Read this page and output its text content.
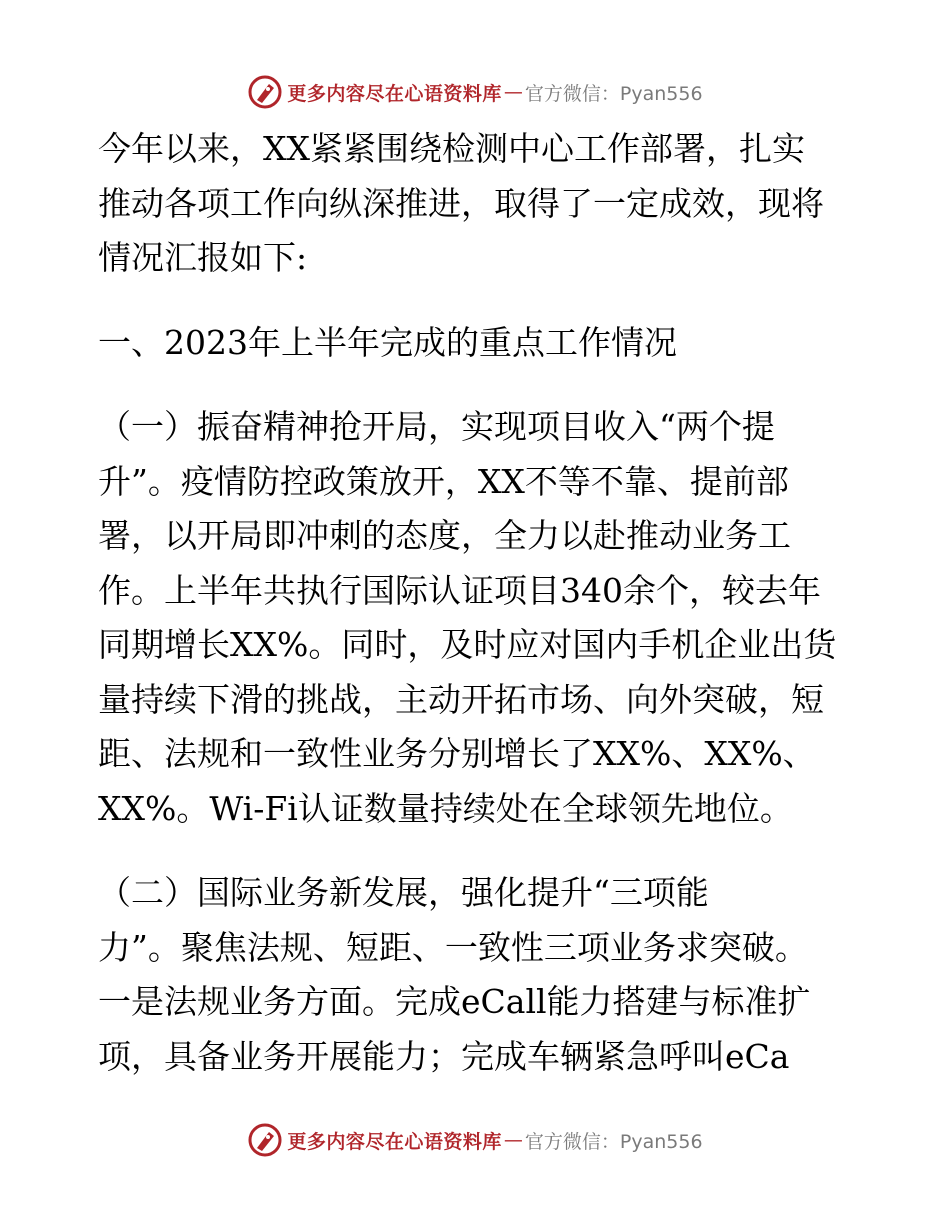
更多内容尽在心语资料库 — 官方微信：Pyan556

今年以来，XX紧紧围绕检测中心工作部署，扎实

推动各项工作向纵深推进，取得了一定成效，现将

情况汇报如下:

一、2023年上半年完成的重点工作情况

（一）振奋精神抢开局，实现项目收入“两个提

升”。疫情防控政策放开，XX不等不靠、提前部

署，以开局即冲刺的态度，全力以赴推动业务工

作。上半年共执行国际认证项目340余个，较去年

同期增长XX%。同时，及时应对国内手机企业出货

量持续下滑的挑战，主动开拓市场、向外突破，短

距、法规和一致性业务分别增长了XX%、XX%、

XX%。Wi-Fi认证数量持续处在全球领先地位。

（二）国际业务新发展，强化提升“三项能

力”。聚焦法规、短距、一致性三项业务求突破。

一是法规业务方面。完成eCall能力搭建与标准扩

项，具备业务开展能力；完成车辆紧急呼叫eCa

更多内容尽在心语资料库 — 官方微信：Pyan556
